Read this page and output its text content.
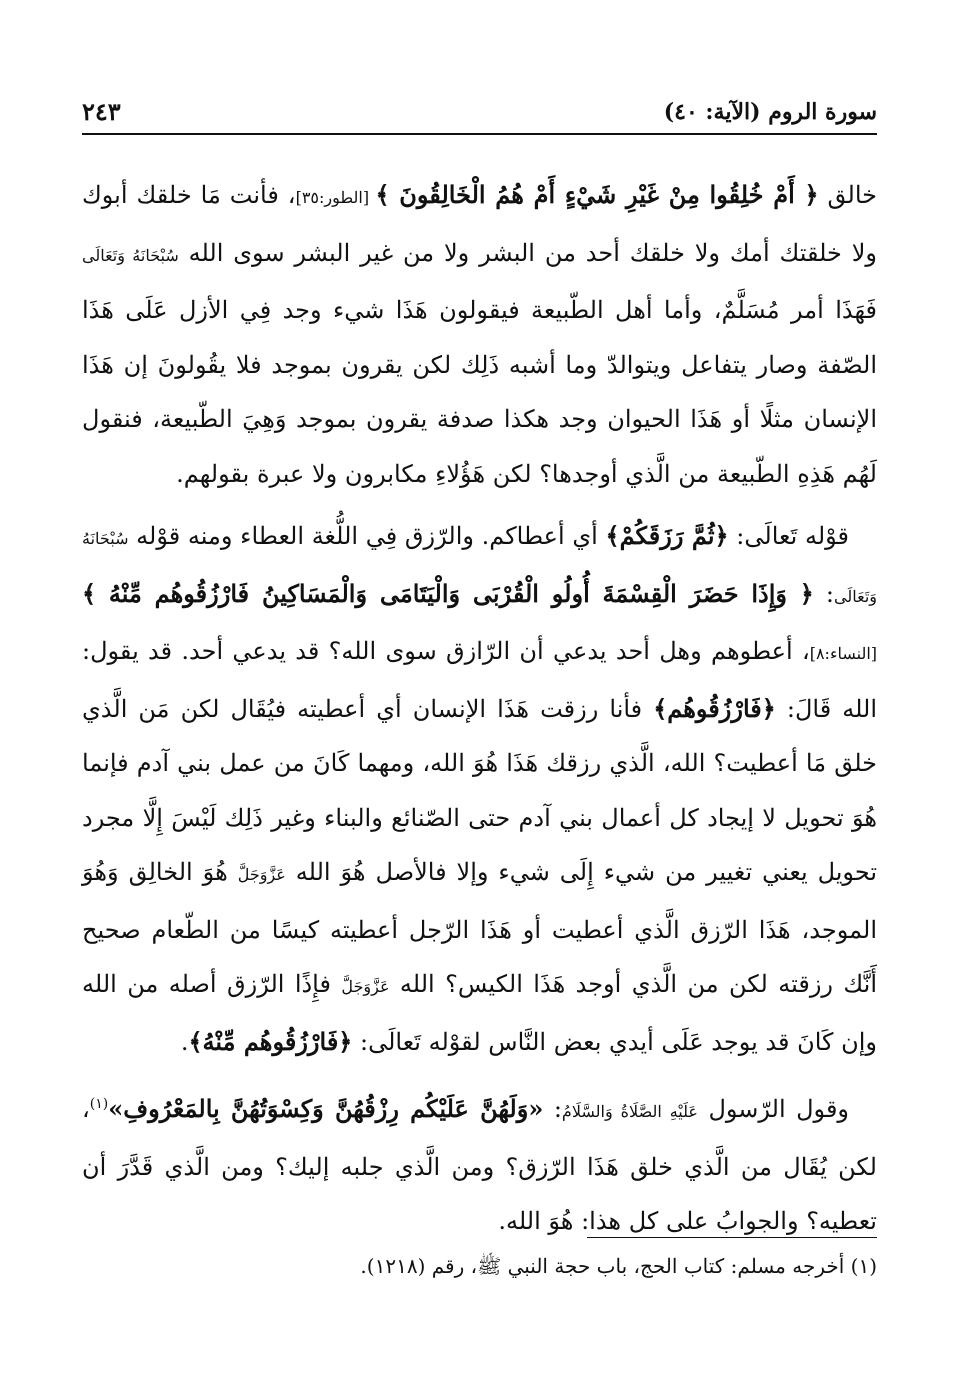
سورة الروم (الآية: ٤٠)
٢٤٣

خالق ﴿ أَمْ خُلِقُوا مِنْ غَيْرِ شَيْءٍ أَمْ هُمُ الْخَالِقُونَ ﴾ [الطور:٣٥]، فأنت مَا خلقك أبوك ولا خلقتك أمك ولا خلقك أحد من البشر ولا من غير البشر سوى الله سُبْحَانَهُ وَتَعَالَى فَهَذَا أمر مُسَلَّمٌ، وأما أهل الطّبيعة فيقولون هَذَا شيء وجد فِي الأزل عَلَى هَذَا الصّفة وصار يتفاعل ويتوالدّ وما أشبه ذَلِك لكن يقرون بموجد فلا يقُولونَ إن هَذَا الإنسان مثلًا أو هَذَا الحيوان وجد هكذا صدفة يقرون بموجد وَهِيَ الطّبيعة، فنقول لَهُم هَذِهِ الطّبيعة من الَّذي أوجدها؟ لكن هَؤُلاءِ مكابرون ولا عبرة بقولهم.

قوْله تَعالَى: ﴿ثُمَّ رَزَقَكُمْ﴾ أي أعطاكم. والرّزق فِي اللُّغة العطاء ومنه قوْله سُبْحَانَهُ وَتَعَالَى: ﴿ وَإِذَا حَضَرَ الْقِسْمَةَ أُولُو الْقُرْبَى وَالْيَتَامَى وَالْمَسَاكِينُ فَارْزُقُوهُم مِّنْهُ ﴾ [النساء:٨]، أعطوهم وهل أحد يدعي أن الرّازق سوى الله؟ قد يدعي أحد. قد يقول: الله قَالَ: ﴿فَارْزُقُوهُم﴾ فأنا رزقت هَذَا الإنسان أي أعطيته فيُقَال لكن مَن الَّذي خلق مَا أعطيت؟ الله، الَّذي رزقك هَذَا هُوَ الله، ومهما كَانَ من عمل بني آدم فإنما هُوَ تحويل لا إيجاد كل أعمال بني آدم حتى الصّنائع والبناء وغير ذَلِك لَيْسَ إِلَّا مجرد تحويل يعني تغيير من شيء إِلَى شيء وإلا فالأصل هُوَ الله عَزَّوَجَلَّ هُوَ الخالِق وَهُوَ الموجد، هَذَا الرّزق الَّذي أعطيت أو هَذَا الرّجل أعطيته كيسًا من الطّعام صحيح أَنَّك رزقته لكن من الَّذي أوجد هَذَا الكيس؟ الله عَزَّوَجَلَّ فإِذًا الرّزق أصله من الله وإن كَانَ قد يوجد عَلَى أيدي بعض النَّاس لقوْله تَعالَى: ﴿فَارْزُقُوهُم مِّنْهُ﴾.

وقول الرّسول عَلَيْهِ الصَّلَاةُ وَالسَّلَامُ: «وَلَهُنَّ عَلَيْكُم رِزْقُهُنَّ وَكِسْوَتُهُنَّ بِالمَعْرُوفِ»$^{(١)}$، لكن يُقَال من الَّذي خلق هَذَا الرّزق؟ ومن الَّذي جلبه إليك؟ ومن الَّذي قَدَّرَ أن تعطيه؟ والجوابُ على كل هذا: هُوَ الله.

(١) أخرجه مسلم: كتاب الحج، باب حجة النبي ﷺ، رقم (١٢١٨).
